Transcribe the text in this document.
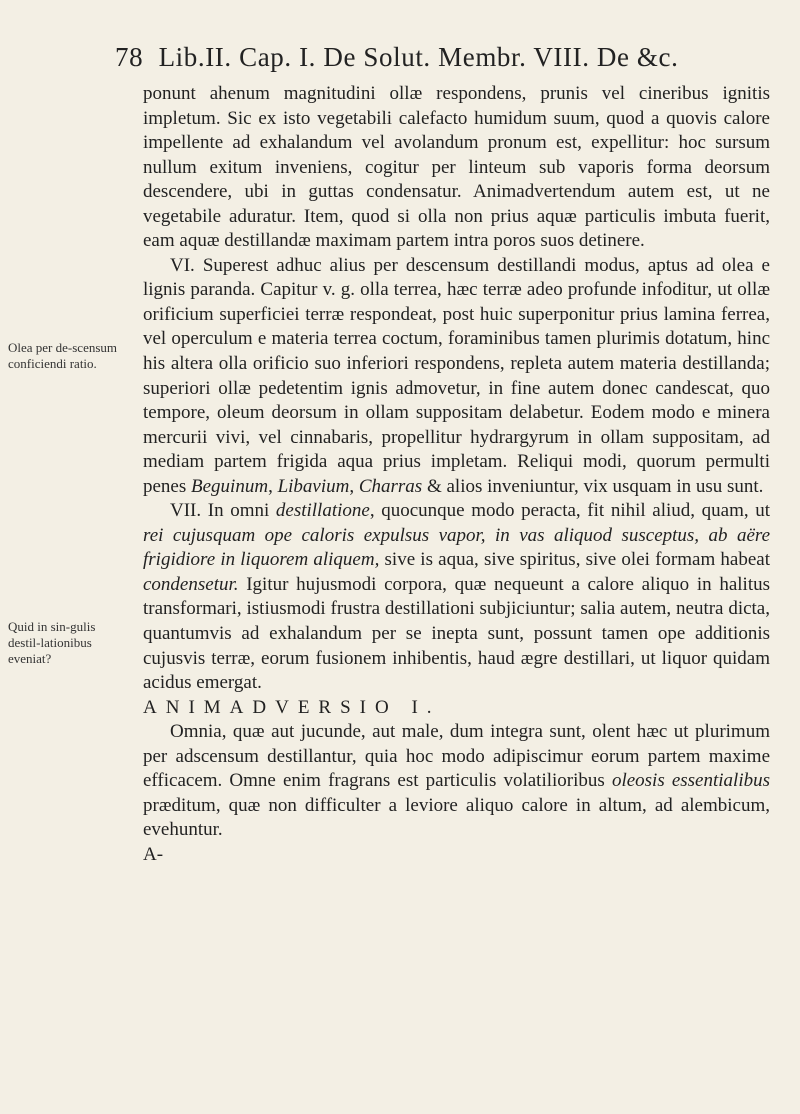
78 Lib.II. Cap. I. De Solut. Membr. VIII. De &c.
Olea per de-scensum conficiendi ratio.
Quid in sin-gulis destil-lationibus eveniat?

ponunt ahenum magnitudini ollæ respondens, prunis vel cineribus ignitis impletum. Sic ex isto vegetabili calefacto humidum suum, quod a quovis calore impellente ad exhalandum vel avolandum pronum est, expellitur: hoc sursum nullum exitum inveniens, cogitur per linteum sub vaporis forma deorsum descendere, ubi in guttas condensatur. Animadvertendum autem est, ut ne vegetabile aduratur. Item, quod si olla non prius aquæ particulis imbuta fuerit, eam aquæ destillandæ maximam partem intra poros suos detinere.

VI. Superest adhuc alius per descensum destillandi modus, aptus ad olea e lignis paranda. Capitur v. g. olla terrea, hæc terræ adeo profunde infoditur, ut ollæ orificium superficiei terræ respondeat, post huic superponitur prius lamina ferrea, vel operculum e materia terrea coctum, foraminibus tamen plurimis dotatum, hinc his altera olla orificio suo inferiori respondens, repleta autem materia destillanda; superiori ollæ pedetentim ignis admovetur, in fine autem donec candescat, quo tempore, oleum deorsum in ollam suppositam delabetur. Eodem modo e minera mercurii vivi, vel cinnabaris, propellitur hydrargyrum in ollam suppositam, ad mediam partem frigida aqua prius impletam. Reliqui modi, quorum permulti penes Beguinum, Libavium, Charras & alios inveniuntur, vix usquam in usu sunt.

VII. In omni destillatione, quocunque modo peracta, fit nihil aliud, quam, ut rei cujusquam ope caloris expulsus vapor, in vas aliquod susceptus, ab aëre frigidiore in liquorem aliquem, sive is aqua, sive spiritus, sive olei formam habeat condensetur. Igitur hujusmodi corpora, quæ nequeunt a calore aliquo in halitus transformari, istiusmodi frustra destillationi subjiciuntur; salia autem, neutra dicta, quantumvis ad exhalandum per se inepta sunt, possunt tamen ope additionis cujusvis terræ, eorum fusionem inhibentis, haud ægre destillari, ut liquor quidam acidus emergat.

ANIMADVERSIO I.

Omnia, quæ aut jucunde, aut male, dum integra sunt, olent hæc ut plurimum per adscensum destillantur, quia hoc modo adipiscimur eorum partem maxime efficacem. Omne enim fragrans est particulis volatilioribus oleosis essentialibus præditum, quæ non difficulter a leviore aliquo calore in altum, ad alembicum, evehuntur.

A-
